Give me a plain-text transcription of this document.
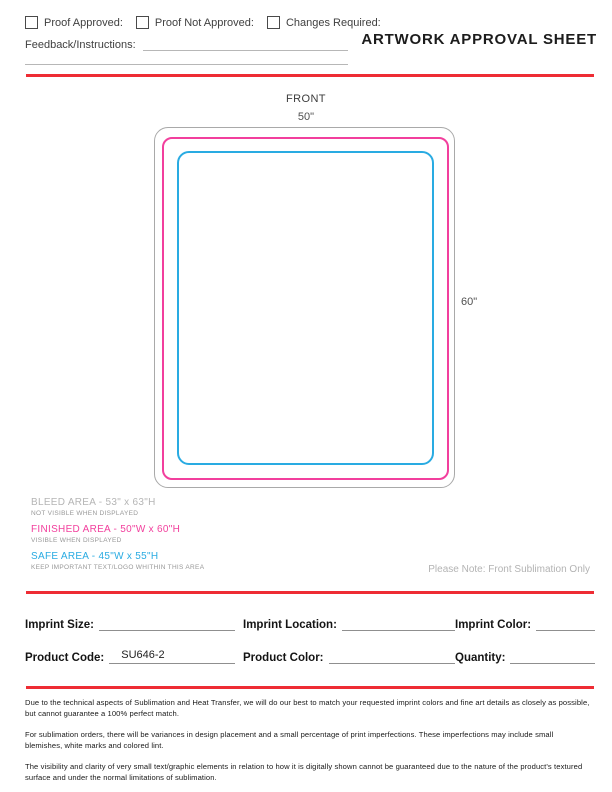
Proof Approved:	Proof Not Approved:	Changes Required:
Feedback/Instructions:	ARTWORK APPROVAL SHEET
FRONT
50"
60"
BLEED AREA - 53" x 63"H
NOT VISIBLE WHEN DISPLAYED
FINISHED AREA - 50"W x 60"H
VISIBLE WHEN DISPLAYED
SAFE AREA - 45"W x 55"H
KEEP IMPORTANT TEXT/LOGO WHITHIN THIS AREA	Please Note: Front Sublimation Only
Imprint Size:	Imprint Location:	Imprint Color:
Product Code:	SU646-2	Product Color:	Quantity:

Due to the technical aspects of Sublimation and Heat Transfer, we will do our best to match your requested imprint colors and fine art details as closely as possible, but cannot guarantee a 100% perfect match.

For sublimation orders, there will be variances in design placement and a small percentage of print imperfections. These imperfections may include small blemishes, white marks and colored lint.

The visibility and clarity of very small text/graphic elements in relation to how it is digitally shown cannot be guaranteed due to the nature of the product's textured surface and under the normal limitations of sublimation.
